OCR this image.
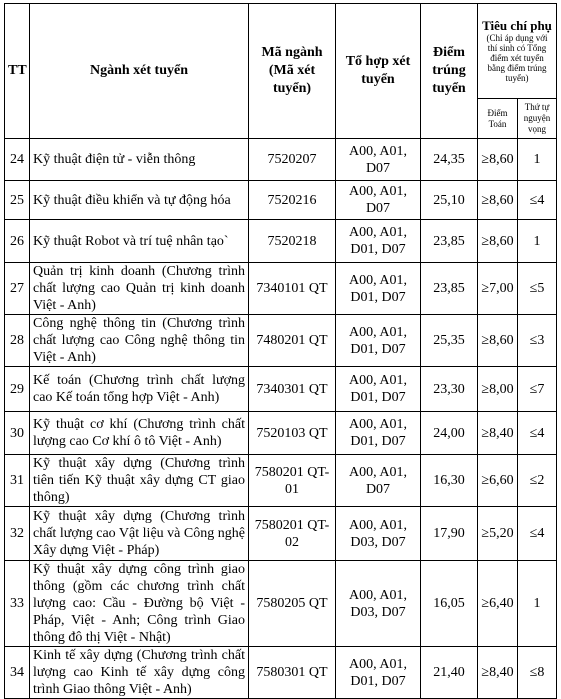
TT	Ngành xét tuyển	Mã ngành (Mã xét tuyển)	Tổ hợp xét tuyển	Điểm trúng tuyển	Tiêu chí phụ
(Chỉ áp dụng với thí sinh có Tổng điểm xét tuyển bằng điểm trúng tuyển)	

					Điểm Toán	Thứ tự nguyện vọng
24	Kỹ thuật điện tử - viễn thông	7520207	A00, A01, D07	24,35	≥8,60	1
25	Kỹ thuật điều khiển và tự động hóa	7520216	A00, A01, D07	25,10	≥8,60	≤4
26	Kỹ thuật Robot và trí tuệ nhân tạo`	7520218	A00, A01, D01, D07	23,85	≥8,60	1
27	Quản trị kinh doanh (Chương trình chất lượng cao Quản trị kinh doanh Việt - Anh)	7340101 QT	A00, A01, D01, D07	23,85	≥7,00	≤5
28	Công nghệ thông tin (Chương trình chất lượng cao Công nghệ thông tin Việt - Anh)	7480201 QT	A00, A01, D01, D07	25,35	≥8,60	≤3
29	Kế toán (Chương trình chất lượng cao Kế toán tổng hợp Việt - Anh)	7340301 QT	A00, A01, D01, D07	23,30	≥8,00	≤7
30	Kỹ thuật cơ khí (Chương trình chất lượng cao Cơ khí ô tô Việt - Anh)	7520103 QT	A00, A01, D01, D07	24,00	≥8,40	≤4
31	Kỹ thuật xây dựng (Chương trình tiên tiến Kỹ thuật xây dựng CT giao thông)	7580201 QT-01	A00, A01, D07	16,30	≥6,60	≤2
32	Kỹ thuật xây dựng (Chương trình chất lượng cao Vật liệu và Công nghệ Xây dựng Việt - Pháp)	7580201 QT-02	A00, A01, D03, D07	17,90	≥5,20	≤4
33	Kỹ thuật xây dựng công trình giao thông (gồm các chương trình chất lượng cao: Cầu - Đường bộ Việt - Pháp, Việt - Anh; Công trình Giao thông đô thị Việt - Nhật)	7580205 QT	A00, A01, D03, D07	16,05	≥6,40	1
34	Kinh tế xây dựng (Chương trình chất lượng cao Kinh tế xây dựng công trình Giao thông Việt - Anh)	7580301 QT	A00, A01, D01, D07	21,40	≥8,40	≤8
